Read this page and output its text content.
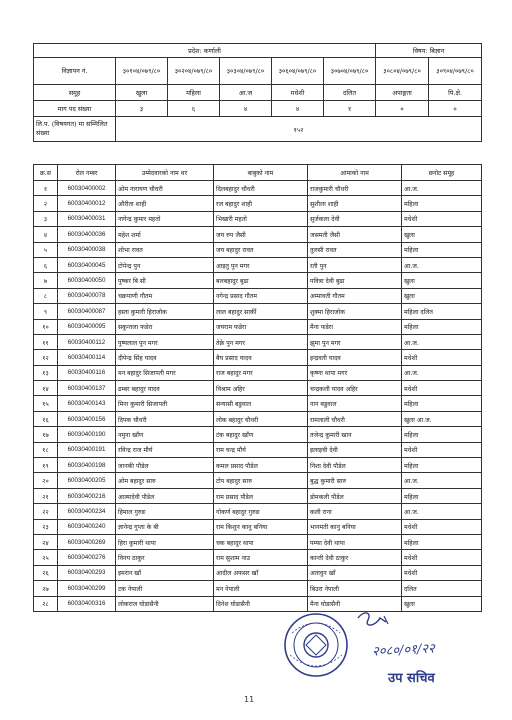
प्रदेश: कर्णाली						विषय: बिज्ञान	
विज्ञापन नं.	३०१०४/०७९/८०	३०२०४/०७९/८०	३०३०४/०७९/८०	३०६०४/०७९/८०	३०७०४/०७९/८०	३०८०४/०७९/८०	३०९०४/०७९/८०
समूह	खुला	महिला	आ.ज	मधेशी	दलित	अपाङ्गता	पि.क्षे.
माग पद संख्या	३	६	४	४	१	०	०
लि.प. (विषयगत) मा सम्मिलित संख्या	१५२						
क्र.स	रोल नम्बर	उम्मेदवारको नाम थर	बाबुको नाम	आमाको नाम	छनोट समूह
१	60030400002	ओम नारायण चौधरी	दिलबहादुर चौधरी	राजकुमारी चौधरी	आ.ज.
२	60030400012	औरीता शाही	रज बहादुर शाही	सुशीला शाही	महिला
३	60030400031	नागेन्द्र कुमार महतो	भिखारी महतो	सुर्जकला देवी	मधेशी
४	60030400036	महेश शर्मा	जय रुप जैसी	जसमती जैसी	खुला
५	60030400038	शोभा रावत	जय बहादुर रावत	तुलसी रावत	महिला
६	60030400045	टोपेन्द्र पुन	आइतु पुन मगर	रती पुन	आ.ज.
७	60030400050	पुष्कर बि सी	बलबहादुर बुढा	पवित्रा देवी बुढा	खुला
८	60030400078	चक्रपाणी गौतम	नगेन्द्र प्रसाद गौतम	अम्मावती गौतम	खुला
९	60030400087	हस्ता कुमारी हिराजोक	लाल बहादुर सार्की	शुक्मा हिराजोक	महिला दलित
१०	60030400095	सकुन्तला फडेरा	जयराम फडेरा	मैना फडेरा	महिला
११	60030400112	पुष्पलाल पुन मगर	तेक्रे पुन मगर	झुमा पुन मगर	आ.ज.
१२	60030400114	दीपेन्द्र सिंह यादव	बैघ प्रसाद यादव	इन्द्रवती यादव	मधेशी
१३	60030400116	मन बहादुर सिजापती मगर	राज बहादुर मगर	कृष्णा थापा मगर	आ.ज.
१४	60030400137	ढम्बर बहादुर यादव	विश्राम अहिर	चन्द्रकली यादव अहिर	मधेशी
१५	60030400143	मिना कुमारी सिजापती	सन्यासी बडुवाल	नान बडुवाल	महिला
१६	60030400156	दिपक चौधरी	लोक बहादुर चौधरी	रामलाली चौधरी	खुला आ.ज.
१७	60030400190	नमुना खाँण	टंक बहादुर खाँण	तजेन्द्र कुमारी खान	महिला
१८	60030400191	रविन्द्र राज मौर्य	राम चन्द्र मौर्य	इलाइची देवी	मधेशी
१९	60030400198	जानकी पौडेल	कमल प्रसाद पौडेल	निशा देवी पौडेल	महिला
२०	60030400205	ओम बहादुर सारु	टोप बहादुर सारु	बुद्ध कुमारी सारु	आ.ज.
२१	60030400216	आत्मादेवी पौडेल	राम प्रसाद पौडेल	डोमकली पौडेल	महिला
२२	60030400234	हिमाल गुरुङ	गोकर्ण बहादुर गुरुङ	कली राना	आ.ज.
२३	60030400240	ज्ञानेन्द्र गुप्ता के बी	राम किशुन कानु बनिया	भानमती कानु बनिया	मधेशी
२४	60030400269	हिरा कुमारी थापा	चक बहादुर थापा	पम्फा देवी थापा	महिला
२५	60030400276	विनय ठाकुर	राम सुशाम नाउ	कान्ती देवी ठाकुर	मधेशी
२६	60030400293	इमरान खाँ	आदील अफसर खाँ	अतावुन खाँ	मधेशी
२७	60030400299	टक नेपाली	मन नेपाली	बिउरा नेपाली	दलित
२८	60030400316	लोकराज घोडासैनी	दिनेश घोडासैनी	मैना घोडासैनी	खुला
२०८०/०१/२२
उप सचिव
11
